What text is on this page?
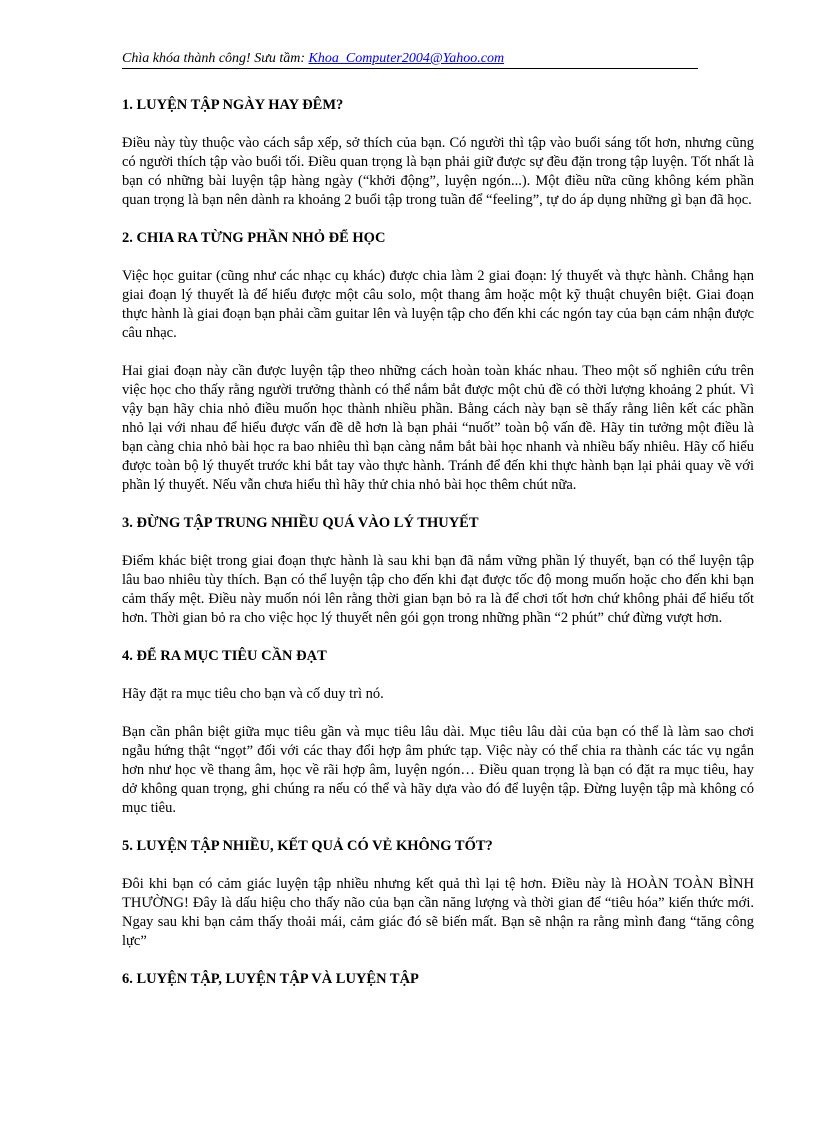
Chìa khóa thành công! Sưu tầm: Khoa_Computer2004@Yahoo.com
1. LUYỆN TẬP NGÀY HAY ĐÊM?

Điều này tùy thuộc vào cách sắp xếp, sở thích của bạn. Có người thì tập vào buổi sáng tốt hơn, nhưng cũng có người thích tập vào buổi tối. Điều quan trọng là bạn phải giữ được sự đều đặn trong tập luyện. Tốt nhất là bạn có những bài luyện tập hàng ngày (“khởi động”, luyện ngón...). Một điều nữa cũng không kém phần quan trọng là bạn nên dành ra khoảng 2 buổi tập trong tuần để “feeling”, tự do áp dụng những gì bạn đã học.

2. CHIA RA TỪNG PHẦN NHỎ ĐỂ HỌC

Việc học guitar (cũng như các nhạc cụ khác) được chia làm 2 giai đoạn: lý thuyết và thực hành. Chẳng hạn giai đoạn lý thuyết là để hiểu được một câu solo, một thang âm hoặc một kỹ thuật chuyên biệt. Giai đoạn thực hành là giai đoạn bạn phải cầm guitar lên và luyện tập cho đến khi các ngón tay của bạn cảm nhận được câu nhạc.

Hai giai đoạn này cần được luyện tập theo những cách hoàn toàn khác nhau. Theo một số nghiên cứu trên việc học cho thấy rằng người trưởng thành có thể nắm bắt được một chủ đề có thời lượng khoảng 2 phút. Vì vậy bạn hãy chia nhỏ điều muốn học thành nhiều phần. Bằng cách này bạn sẽ thấy rằng liên kết các phần nhỏ lại với nhau để hiểu được vấn đề dễ hơn là bạn phải “nuốt” toàn bộ vấn đề. Hãy tin tưởng một điều là bạn càng chia nhỏ bài học ra bao nhiêu thì bạn càng nắm bắt bài học nhanh và nhiều bấy nhiêu. Hãy cố hiểu được toàn bộ lý thuyết trước khi bắt tay vào thực hành. Tránh để đến khi thực hành bạn lại phải quay về với phần lý thuyết. Nếu vẫn chưa hiểu thì hãy thử chia nhỏ bài học thêm chút nữa.

3. ĐỪNG TẬP TRUNG NHIỀU QUÁ VÀO LÝ THUYẾT

Điểm khác biệt trong giai đoạn thực hành là sau khi bạn đã nắm vững phần lý thuyết, bạn có thể luyện tập lâu bao nhiêu tùy thích. Bạn có thể luyện tập cho đến khi đạt được tốc độ mong muốn hoặc cho đến khi bạn cảm thấy mệt. Điều này muốn nói lên rằng thời gian bạn bỏ ra là để chơi tốt hơn chứ không phải để hiểu tốt hơn. Thời gian bỏ ra cho việc học lý thuyết nên gói gọn trong những phần “2 phút” chứ đừng vượt hơn.

4. ĐỂ RA MỤC TIÊU CẦN ĐẠT

Hãy đặt ra mục tiêu cho bạn và cố duy trì nó.

Bạn cần phân biệt giữa mục tiêu gần và mục tiêu lâu dài. Mục tiêu lâu dài của bạn có thể là làm sao chơi ngẫu hứng thật “ngọt” đối với các thay đổi hợp âm phức tạp. Việc này có thể chia ra thành các tác vụ ngắn hơn như học về thang âm, học về rãi hợp âm, luyện ngón… Điều quan trọng là bạn có đặt ra mục tiêu, hay dở không quan trọng, ghi chúng ra nếu có thể và hãy dựa vào đó để luyện tập. Đừng luyện tập mà không có mục tiêu.

5. LUYỆN TẬP NHIỀU, KẾT QUẢ CÓ VẺ KHÔNG TỐT?

Đôi khi bạn có cảm giác luyện tập nhiều nhưng kết quả thì lại tệ hơn. Điều này là HOÀN TOÀN BÌNH THƯỜNG! Đây là dấu hiệu cho thấy não của bạn cần năng lượng và thời gian để “tiêu hóa” kiến thức mới. Ngay sau khi bạn cảm thấy thoải mái, cảm giác đó sẽ biến mất. Bạn sẽ nhận ra rằng mình đang “tăng công lực”

6. LUYỆN TẬP, LUYỆN TẬP VÀ LUYỆN TẬP
